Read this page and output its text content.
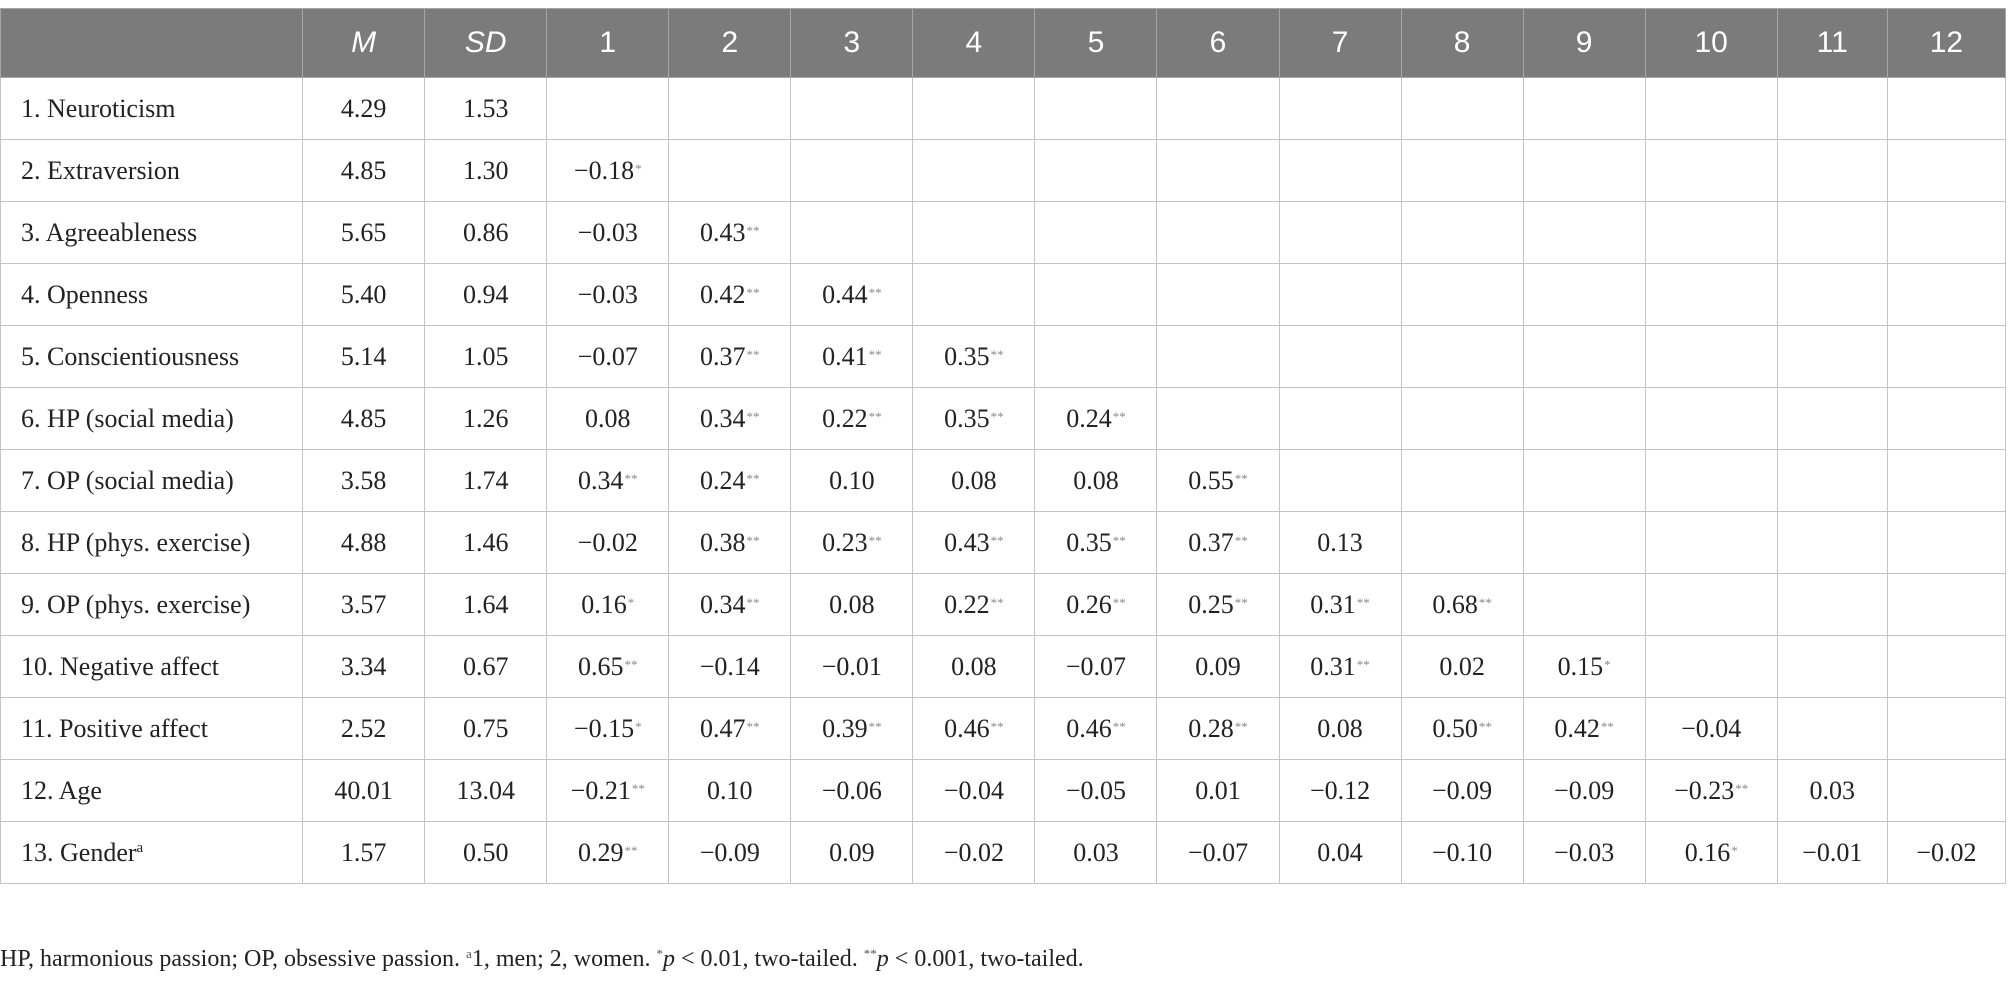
	M	SD	1	2	3	4	5	6	7	8	9	10	11	12
1. Neuroticism	4.29	1.53												
2. Extraversion	4.85	1.30	−0.18*											
3. Agreeableness	5.65	0.86	−0.03	0.43**										
4. Openness	5.40	0.94	−0.03	0.42**	0.44**									
5. Conscientiousness	5.14	1.05	−0.07	0.37**	0.41**	0.35**								
6. HP (social media)	4.85	1.26	0.08	0.34**	0.22**	0.35**	0.24**							
7. OP (social media)	3.58	1.74	0.34**	0.24**	0.10	0.08	0.08	0.55**						
8. HP (phys. exercise)	4.88	1.46	−0.02	0.38**	0.23**	0.43**	0.35**	0.37**	0.13					
9. OP (phys. exercise)	3.57	1.64	0.16*	0.34**	0.08	0.22**	0.26**	0.25**	0.31**	0.68**				
10. Negative affect	3.34	0.67	0.65**	−0.14	−0.01	0.08	−0.07	0.09	0.31**	0.02	0.15*			
11. Positive affect	2.52	0.75	−0.15*	0.47**	0.39**	0.46**	0.46**	0.28**	0.08	0.50**	0.42**	−0.04		
12. Age	40.01	13.04	−0.21**	0.10	−0.06	−0.04	−0.05	0.01	−0.12	−0.09	−0.09	−0.23**	0.03	
13. Gender$^a$	1.57	0.50	0.29**	−0.09	0.09	−0.02	0.03	−0.07	0.04	−0.10	−0.03	0.16*	−0.01	−0.02
HP, harmonious passion; OP, obsessive passion. $^a$1, men; 2, women. *p < 0.01, two-tailed. **p < 0.001, two-tailed.
